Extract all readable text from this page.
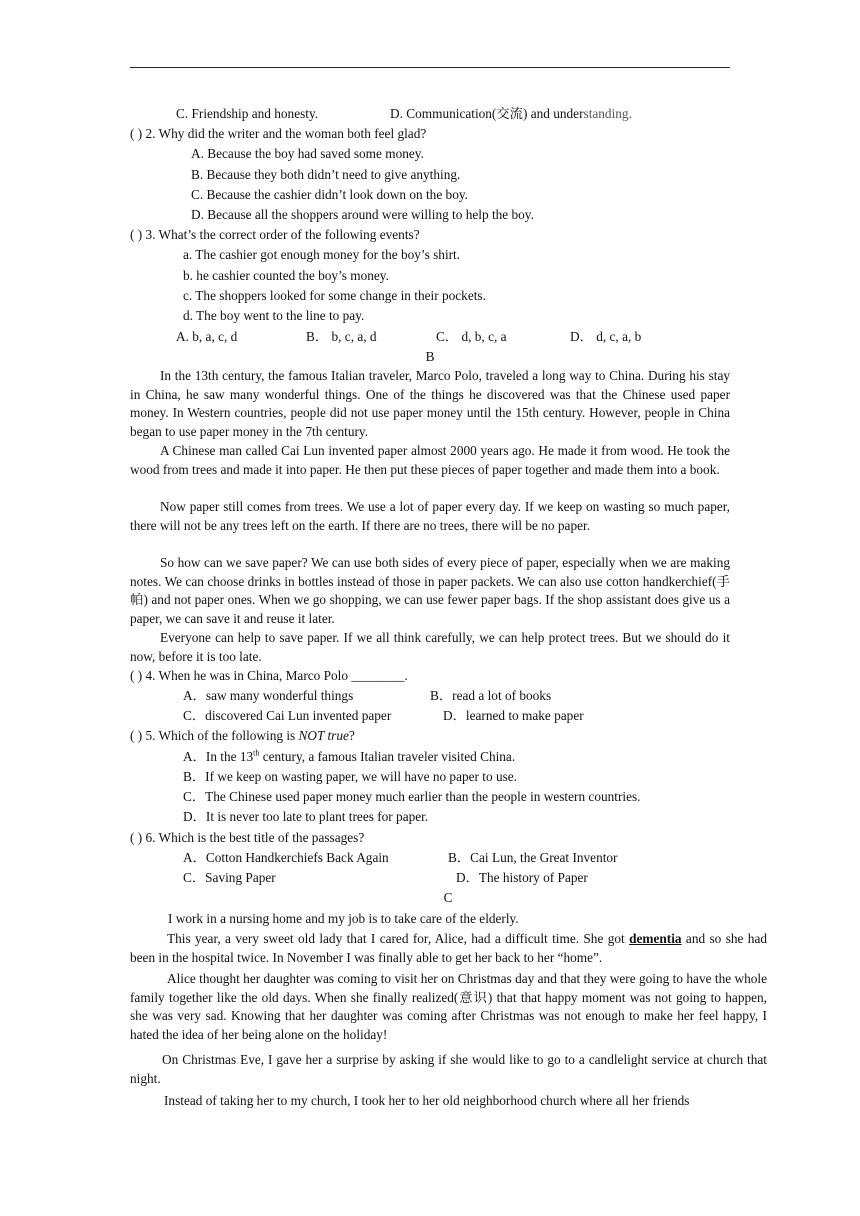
C. Friendship and honesty.	D. Communication(交流) and understanding.
( ) 2. Why did the writer and the woman both feel glad?
A. Because the boy had saved some money.
B. Because they both didn’t need to give anything.
C. Because the cashier didn’t look down on the boy.
D. Because all the shoppers around were willing to help the boy.
( ) 3. What’s the correct order of the following events?
a. The cashier got enough money for the boy’s shirt.
b. he cashier counted the boy’s money.
c. The shoppers looked for some change in their pockets.
d. The boy went to the line to pay.
A. b, a, c, d	B． b, c, a, d	C． d, b, c, a	D． d, c, a, b
B
In the 13th century, the famous Italian traveler, Marco Polo, traveled a long way to China. During his stay in China, he saw many wonderful things. One of the things he discovered was that the Chinese used paper money. In Western countries, people did not use paper money until the 15th century. However, people in China began to use paper money in the 7th century.
A Chinese man called Cai Lun invented paper almost 2000 years ago. He made it from wood. He took the wood from trees and made it into paper. He then put these pieces of paper together and made them into a book.
Now paper still comes from trees. We use a lot of paper every day. If we keep on wasting so much paper, there will not be any trees left on the earth. If there are no trees, there will be no paper.
So how can we save paper? We can use both sides of every piece of paper, especially when we are making notes. We can choose drinks in bottles instead of those in paper packets. We can also use cotton handkerchief(手帕) and not paper ones. When we go shopping, we can use fewer paper bags. If the shop assistant does give us a paper, we can save it and reuse it later.
Everyone can help to save paper. If we all think carefully, we can help protect trees. But we should do it now, before it is too late.
( ) 4. When he was in China, Marco Polo ________.
A．saw many wonderful things	B．read a lot of books
C．discovered Cai Lun invented paper	D．learned to make paper
( ) 5. Which of the following is NOT true?
A．In the 13th century, a famous Italian traveler visited China.
B．If we keep on wasting paper, we will have no paper to use.
C．The Chinese used paper money much earlier than the people in western countries.
D．It is never too late to plant trees for paper.
( ) 6. Which is the best title of the passages?
A．Cotton Handkerchiefs Back Again	B．Cai Lun, the Great Inventor
C．Saving Paper	D．The history of Paper
C
I work in a nursing home and my job is to take care of the elderly.
This year, a very sweet old lady that I cared for, Alice, had a difficult time. She got dementia and so she had been in the hospital twice. In November I was finally able to get her back to her “home”.
Alice thought her daughter was coming to visit her on Christmas day and that they were going to have the whole family together like the old days. When she finally realized(意识) that that happy moment was not going to happen, she was very sad. Knowing that her daughter was coming after Christmas was not enough to make her feel happy, I hated the idea of her being alone on the holiday!
On Christmas Eve, I gave her a surprise by asking if she would like to go to a candlelight service at church that night.
Instead of taking her to my church, I took her to her old neighborhood church where all her friends
